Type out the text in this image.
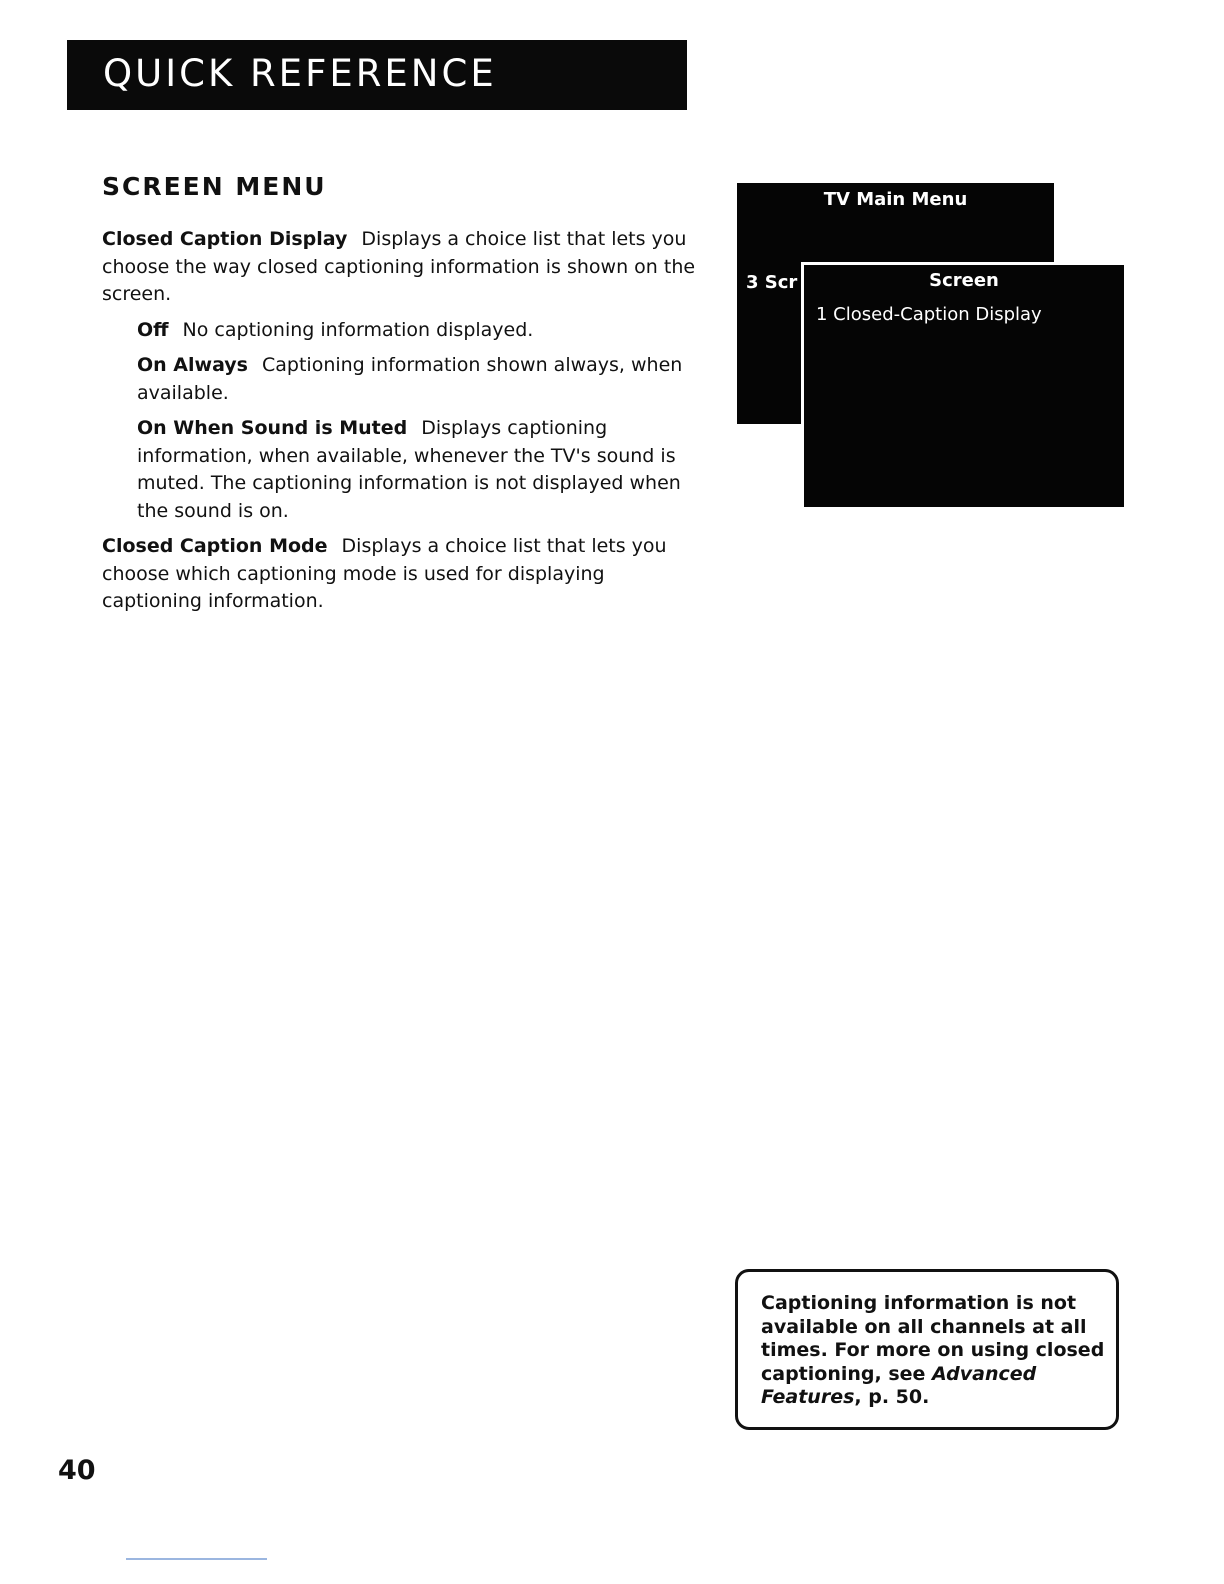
QUICK REFERENCE
SCREEN MENU

Closed Caption Display Displays a choice list that lets you choose the way closed captioning information is shown on the screen.

Off No captioning information displayed.

On Always Captioning information shown always, when available.

On When Sound is Muted Displays captioning information, when available, whenever the TV's sound is muted. The captioning information is not displayed when the sound is on.

Closed Caption Mode Displays a choice list that lets you choose which captioning mode is used for displaying captioning information.

TV Main Menu
3 Scr	Screen
1 Closed-Caption Display
Captioning information is not available on all channels at all times. For more on using closed captioning, see Advanced Features, p. 50.
40
